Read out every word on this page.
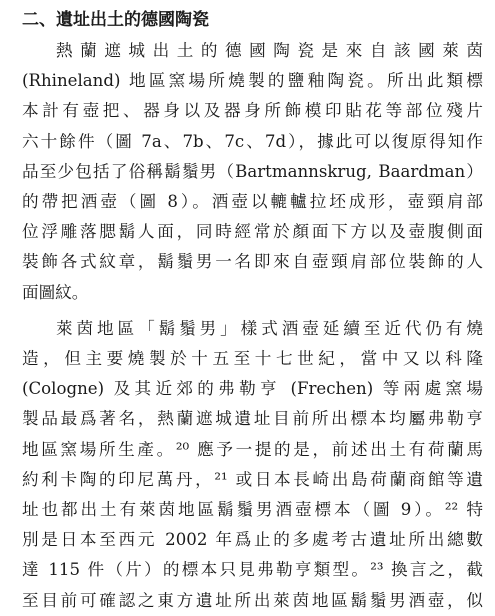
二、遺址出土的德國陶瓷

熱蘭遮城出土的德國陶瓷是來自該國萊茵
(Rhineland) 地區窯場所燒製的鹽釉陶瓷。所出此類標
本計有壺把、器身以及器身所飾模印貼花等部位殘片
六十餘件（圖 7a、7b、7c、7d），據此可以復原得知作
品至少包括了俗稱鬍鬚男（Bartmannskrug, Baardman）
的帶把酒壺（圖 8）。酒壺以轆轤拉坯成形，壺頸肩部
位浮雕落腮鬍人面，同時經常於顏面下方以及壺腹側面
裝飾各式紋章，鬍鬚男一名即來自壺頸肩部位裝飾的人
面圖紋。

萊茵地區「鬍鬚男」樣式酒壺延續至近代仍有燒
造，但主要燒製於十五至十七世紀，當中又以科隆
(Cologne) 及其近郊的弗勒亨 (Frechen) 等兩處窯場
製品最爲著名，熱蘭遮城遺址目前所出標本均屬弗勒亨
地區窯場所生產。²⁰ 應予一提的是，前述出土有荷蘭馬
約利卡陶的印尼萬丹，²¹ 或日本長崎出島荷蘭商館等遺
址也都出土有萊茵地區鬍鬚男酒壺標本（圖 9）。²² 特
別是日本至西元 2002 年爲止的多處考古遺址所出總數
達 115 件（片）的標本只見弗勒亨類型。²³ 換言之，截
至目前可確認之東方遺址所出萊茵地區鬍鬚男酒壺，似
